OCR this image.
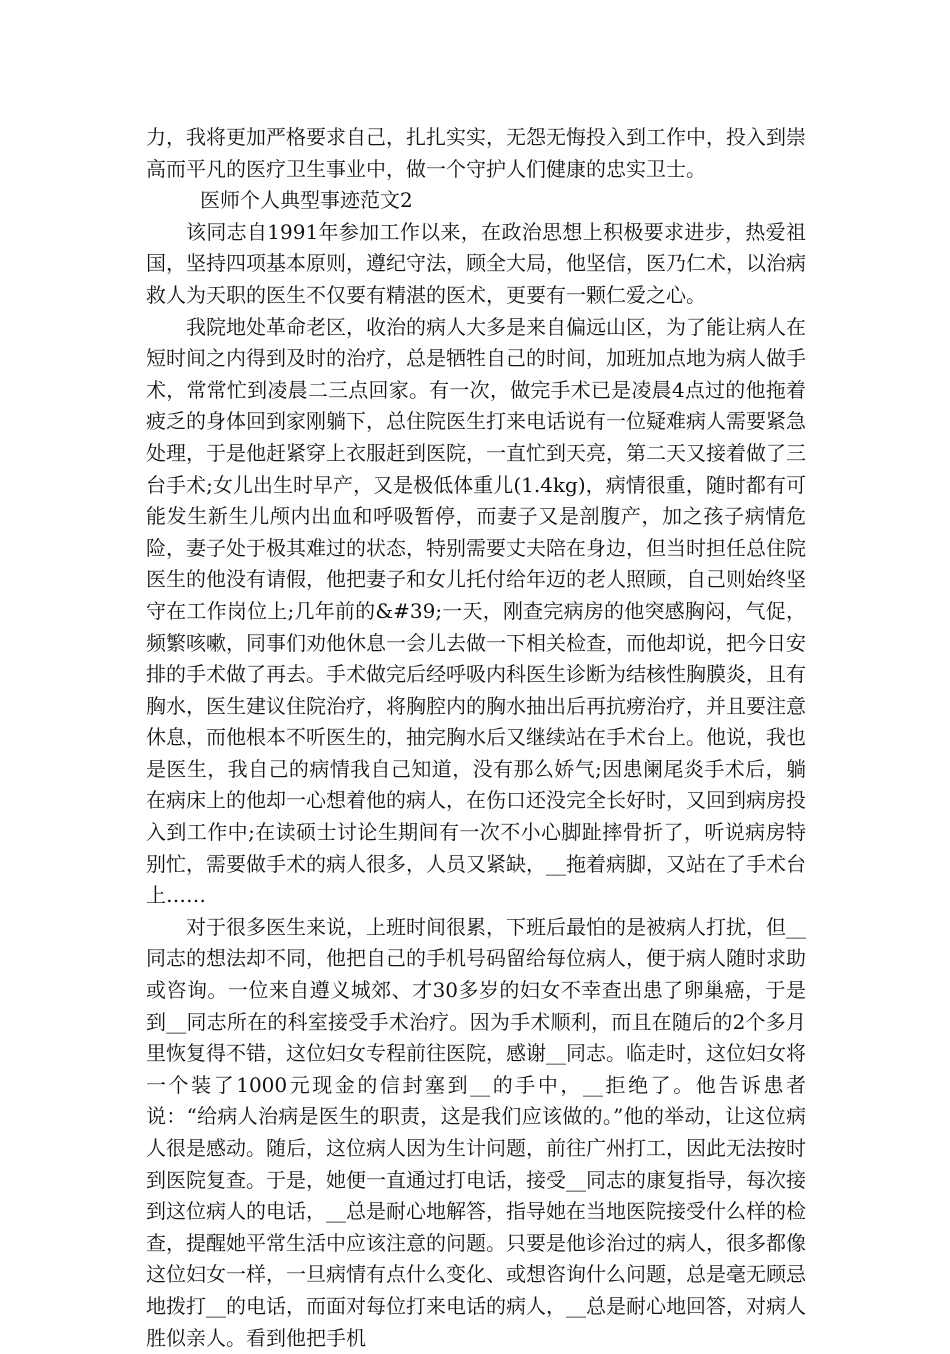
力，我将更加严格要求自己，扎扎实实，无怨无悔投入到工作中，投入到崇高而平凡的医疗卫生事业中，做一个守护人们健康的忠实卫士。

医师个人典型事迹范文2

该同志自1991年参加工作以来，在政治思想上积极要求进步，热爱祖国，坚持四项基本原则，遵纪守法，顾全大局，他坚信，医乃仁术，以治病救人为天职的医生不仅要有精湛的医术，更要有一颗仁爱之心。

我院地处革命老区，收治的病人大多是来自偏远山区，为了能让病人在短时间之内得到及时的治疗，总是牺牲自己的时间，加班加点地为病人做手术，常常忙到凌晨二三点回家。有一次，做完手术已是凌晨4点过的他拖着疲乏的身体回到家刚躺下，总住院医生打来电话说有一位疑难病人需要紧急处理，于是他赶紧穿上衣服赶到医院，一直忙到天亮，第二天又接着做了三台手术;女儿出生时早产，又是极低体重儿(1.4kg)，病情很重，随时都有可能发生新生儿颅内出血和呼吸暂停，而妻子又是剖腹产，加之孩子病情危险，妻子处于极其难过的状态，特别需要丈夫陪在身边，但当时担任总住院医生的他没有请假，他把妻子和女儿托付给年迈的老人照顾，自己则始终坚守在工作岗位上;几年前的&#39;一天，刚查完病房的他突感胸闷，气促，频繁咳嗽，同事们劝他休息一会儿去做一下相关检查，而他却说，把今日安排的手术做了再去。手术做完后经呼吸内科医生诊断为结核性胸膜炎，且有胸水，医生建议住院治疗，将胸腔内的胸水抽出后再抗痨治疗，并且要注意休息，而他根本不听医生的，抽完胸水后又继续站在手术台上。他说，我也是医生，我自己的病情我自己知道，没有那么娇气;因患阑尾炎手术后，躺在病床上的他却一心想着他的病人，在伤口还没完全长好时，又回到病房投入到工作中;在读硕士讨论生期间有一次不小心脚趾摔骨折了，听说病房特别忙，需要做手术的病人很多，人员又紧缺，__拖着病脚，又站在了手术台上……

对于很多医生来说，上班时间很累，下班后最怕的是被病人打扰，但__同志的想法却不同，他把自己的手机号码留给每位病人，便于病人随时求助或咨询。一位来自遵义城郊、才30多岁的妇女不幸查出患了卵巢癌，于是到__同志所在的科室接受手术治疗。因为手术顺利，而且在随后的2个多月里恢复得不错，这位妇女专程前往医院，感谢__同志。临走时，这位妇女将一个装了1000元现金的信封塞到__的手中，__拒绝了。他告诉患者说：“给病人治病是医生的职责，这是我们应该做的。”他的举动，让这位病人很是感动。随后，这位病人因为生计问题，前往广州打工，因此无法按时到医院复查。于是，她便一直通过打电话，接受__同志的康复指导，每次接到这位病人的电话，__总是耐心地解答，指导她在当地医院接受什么样的检查，提醒她平常生活中应该注意的问题。只要是他诊治过的病人，很多都像这位妇女一样，一旦病情有点什么变化、或想咨询什么问题，总是毫无顾忌地拨打__的电话，而面对每位打来电话的病人，__总是耐心地回答，对病人胜似亲人。看到他把手机
